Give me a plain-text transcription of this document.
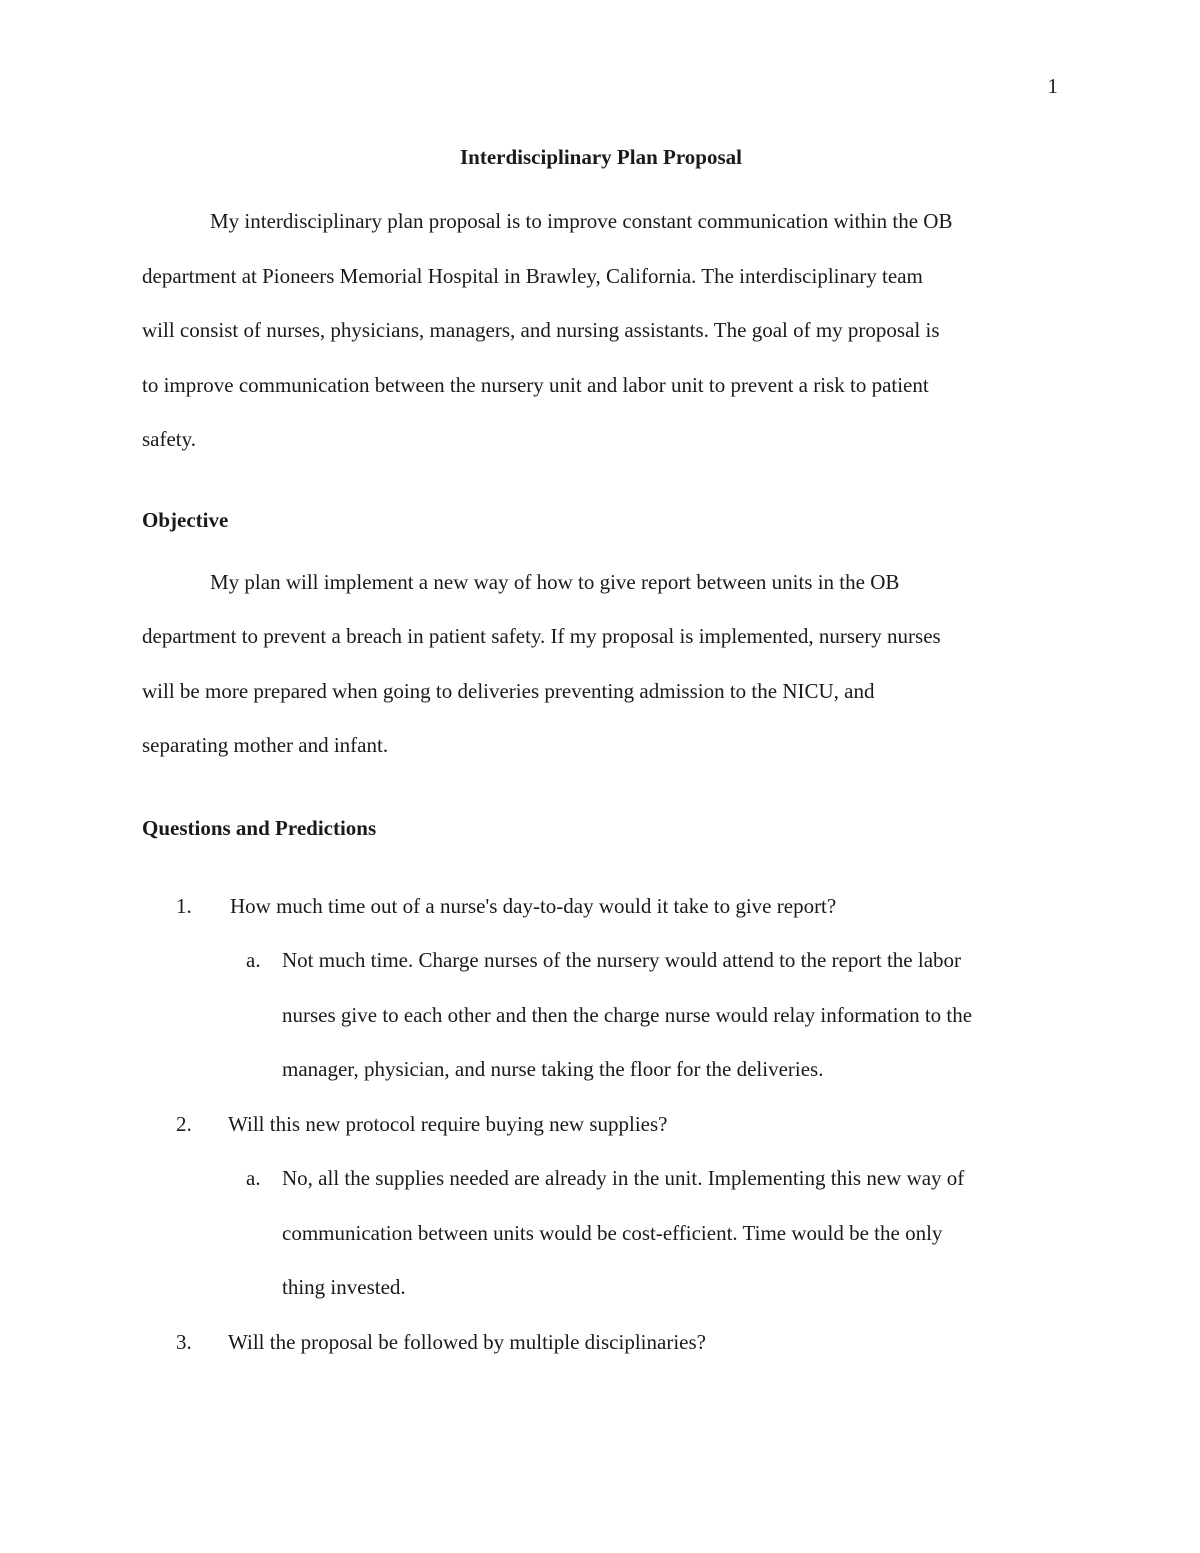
1
Interdisciplinary Plan Proposal
My interdisciplinary plan proposal is to improve constant communication within the OB
department at Pioneers Memorial Hospital in Brawley, California. The interdisciplinary team
will consist of nurses, physicians, managers, and nursing assistants. The goal of my proposal is
to improve communication between the nursery unit and labor unit to prevent a risk to patient
safety.
Objective
My plan will implement a new way of how to give report between units in the OB
department to prevent a breach in patient safety. If my proposal is implemented, nursery nurses
will be more prepared when going to deliveries preventing admission to the NICU, and
separating mother and infant.
Questions and Predictions
1. How much time out of a nurse's day-to-day would it take to give report?
a. Not much time. Charge nurses of the nursery would attend to the report the labor
nurses give to each other and then the charge nurse would relay information to the
manager, physician, and nurse taking the floor for the deliveries.
2. Will this new protocol require buying new supplies?
a. No, all the supplies needed are already in the unit. Implementing this new way of
communication between units would be cost-efficient. Time would be the only
thing invested.
3. Will the proposal be followed by multiple disciplinaries?
